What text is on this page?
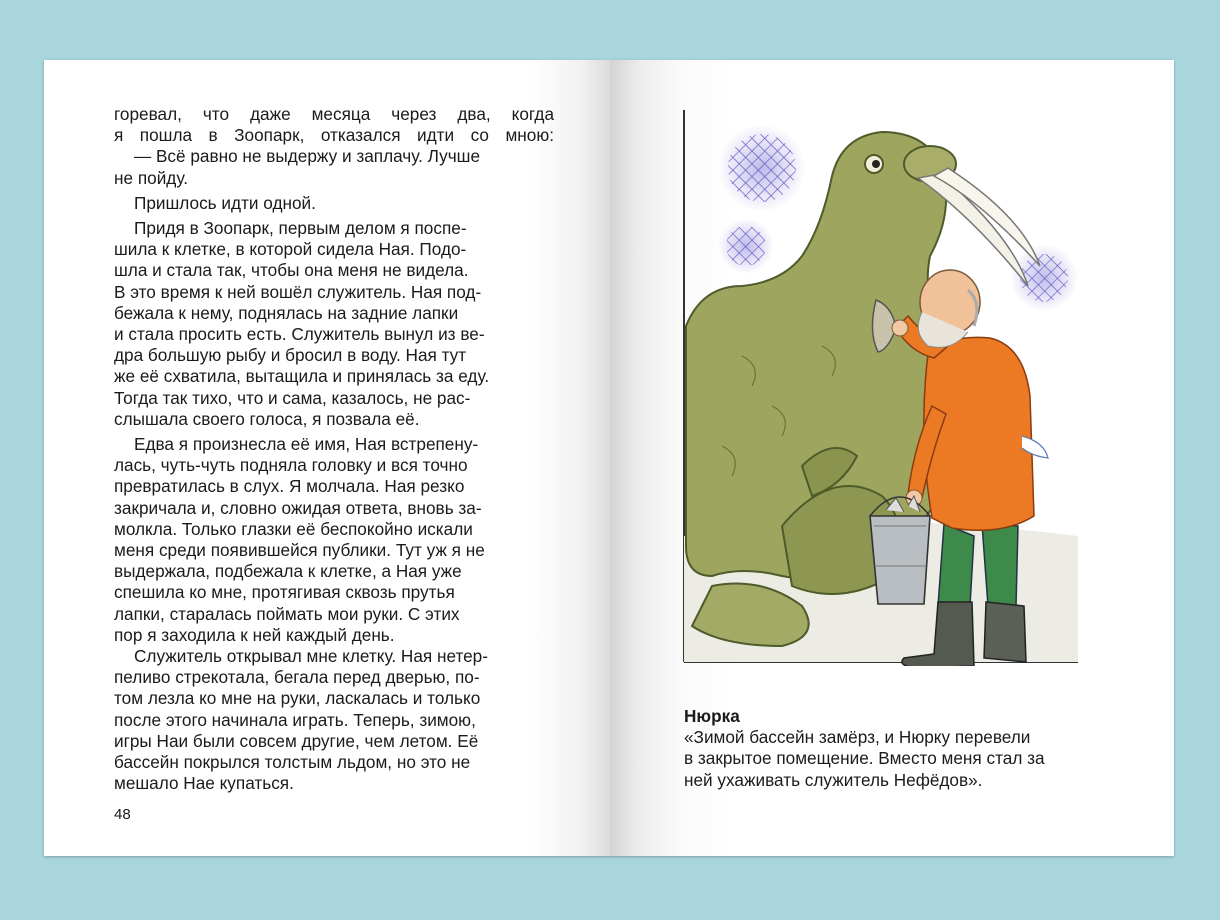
горевал, что даже месяца через два, когда
я пошла в Зоопарк, отказался идти со мною:

— Всё равно не выдержу и заплачу. Лучше
не пойду.

Пришлось идти одной.

Придя в Зоопарк, первым делом я поспе-
шила к клетке, в которой сидела Ная. Подо-
шла и стала так, чтобы она меня не видела.
В это время к ней вошёл служитель. Ная под-
бежала к нему, поднялась на задние лапки
и стала просить есть. Служитель вынул из ве-
дра большую рыбу и бросил в воду. Ная тут
же её схватила, вытащила и принялась за еду.
Тогда так тихо, что и сама, казалось, не рас-
слышала своего голоса, я позвала её.

Едва я произнесла её имя, Ная встрепену-
лась, чуть-чуть подняла головку и вся точно
превратилась в слух. Я молчала. Ная резко
закричала и, словно ожидая ответа, вновь за-
молкла. Только глазки её беспокойно искали
меня среди появившейся публики. Тут уж я не
выдержала, подбежала к клетке, а Ная уже
спешила ко мне, протягивая сквозь прутья
лапки, старалась поймать мои руки. С этих
пор я заходила к ней каждый день.

Служитель открывал мне клетку. Ная нетер-
пеливо стрекотала, бегала перед дверью, по-
том лезла ко мне на руки, ласкалась и только
после этого начинала играть. Теперь, зимою,
игры Наи были совсем другие, чем летом. Её
бассейн покрылся толстым льдом, но это не
мешало Нае купаться.

48

Нюрка

«Зимой бассейн замёрз, и Нюрку перевели
в закрытое помещение. Вместо меня стал за
ней ухаживать служитель Нефёдов».
